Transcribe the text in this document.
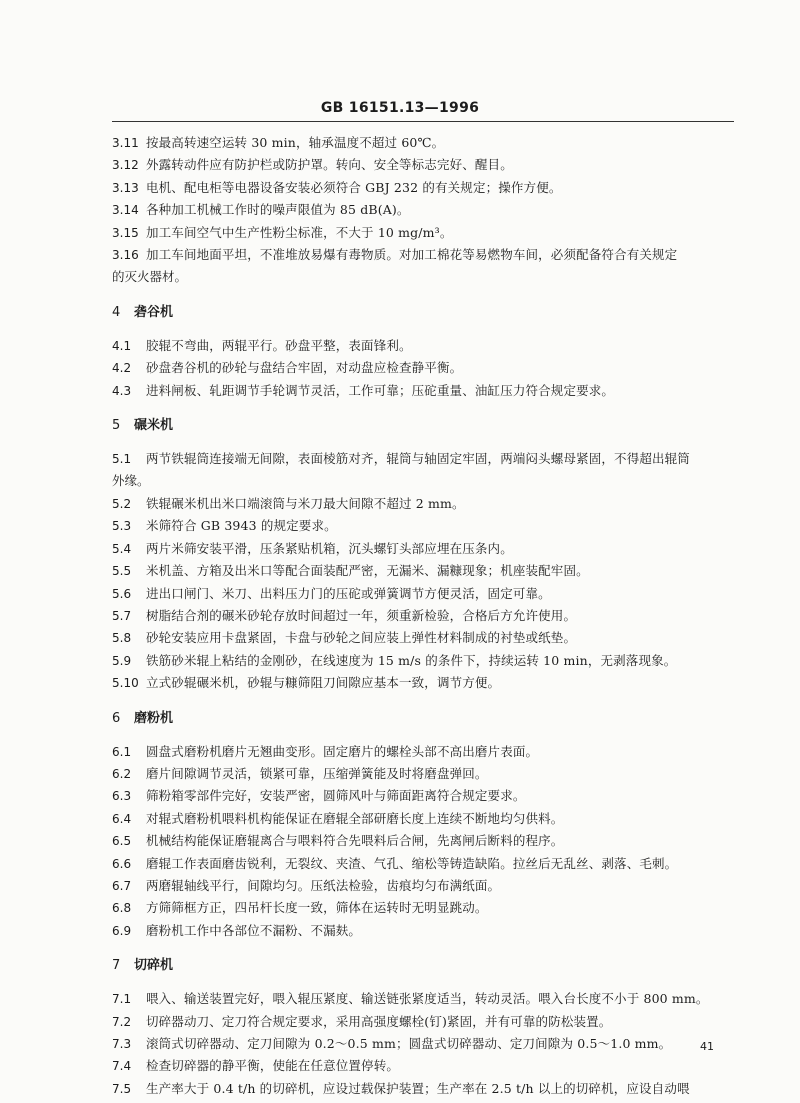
GB 16151.13—1996
3.11 按最高转速空运转 30 min，轴承温度不超过 60℃。
3.12 外露转动件应有防护栏或防护罩。转向、安全等标志完好、醒目。
3.13 电机、配电柜等电器设备安装必须符合 GBJ 232 的有关规定；操作方便。
3.14 各种加工机械工作时的噪声限值为 85 dB(A)。
3.15 加工车间空气中生产性粉尘标准，不大于 10 mg/m³。
3.16 加工车间地面平坦，不准堆放易爆有毒物质。对加工棉花等易燃物车间，必须配备符合有关规定
的灭火器材。
4 砻谷机
4.1 胶辊不弯曲，两辊平行。砂盘平整，表面锋利。
4.2 砂盘砻谷机的砂轮与盘结合牢固，对动盘应检查静平衡。
4.3 进料闸板、轧距调节手轮调节灵活，工作可靠；压砣重量、油缸压力符合规定要求。
5 碾米机
5.1 两节铁辊筒连接端无间隙，表面棱筋对齐，辊筒与轴固定牢固，两端闷头螺母紧固，不得超出辊筒
外缘。
5.2 铁辊碾米机出米口端滚筒与米刀最大间隙不超过 2 mm。
5.3 米筛符合 GB 3943 的规定要求。
5.4 两片米筛安装平滑，压条紧贴机箱，沉头螺钉头部应埋在压条内。
5.5 米机盖、方箱及出米口等配合面装配严密，无漏米、漏糠现象；机座装配牢固。
5.6 进出口闸门、米刀、出料压力门的压砣或弹簧调节方便灵活，固定可靠。
5.7 树脂结合剂的碾米砂轮存放时间超过一年，须重新检验，合格后方允许使用。
5.8 砂轮安装应用卡盘紧固，卡盘与砂轮之间应装上弹性材料制成的衬垫或纸垫。
5.9 铁筋砂米辊上粘结的金刚砂，在线速度为 15 m/s 的条件下，持续运转 10 min，无剥落现象。
5.10 立式砂辊碾米机，砂辊与糠筛阻刀间隙应基本一致，调节方便。
6 磨粉机
6.1 圆盘式磨粉机磨片无翘曲变形。固定磨片的螺栓头部不高出磨片表面。
6.2 磨片间隙调节灵活，锁紧可靠，压缩弹簧能及时将磨盘弹回。
6.3 筛粉箱零部件完好，安装严密，圆筛风叶与筛面距离符合规定要求。
6.4 对辊式磨粉机喂料机构能保证在磨辊全部研磨长度上连续不断地均匀供料。
6.5 机械结构能保证磨辊离合与喂料符合先喂料后合闸，先离闸后断料的程序。
6.6 磨辊工作表面磨齿锐利，无裂纹、夹渣、气孔、缩松等铸造缺陷。拉丝后无乱丝、剥落、毛刺。
6.7 两磨辊轴线平行，间隙均匀。压纸法检验，齿痕均匀布满纸面。
6.8 方筛筛框方正，四吊杆长度一致，筛体在运转时无明显跳动。
6.9 磨粉机工作中各部位不漏粉、不漏麸。
7 切碎机
7.1 喂入、输送装置完好，喂入辊压紧度、输送链张紧度适当，转动灵活。喂入台长度不小于 800 mm。
7.2 切碎器动刀、定刀符合规定要求，采用高强度螺栓(钉)紧固，并有可靠的防松装置。
7.3 滚筒式切碎器动、定刀间隙为 0.2～0.5 mm；圆盘式切碎器动、定刀间隙为 0.5～1.0 mm。
7.4 检查切碎器的静平衡，使能在任意位置停转。
7.5 生产率大于 0.4 t/h 的切碎机，应设过载保护装置；生产率在 2.5 t/h 以上的切碎机，应设自动喂
41
